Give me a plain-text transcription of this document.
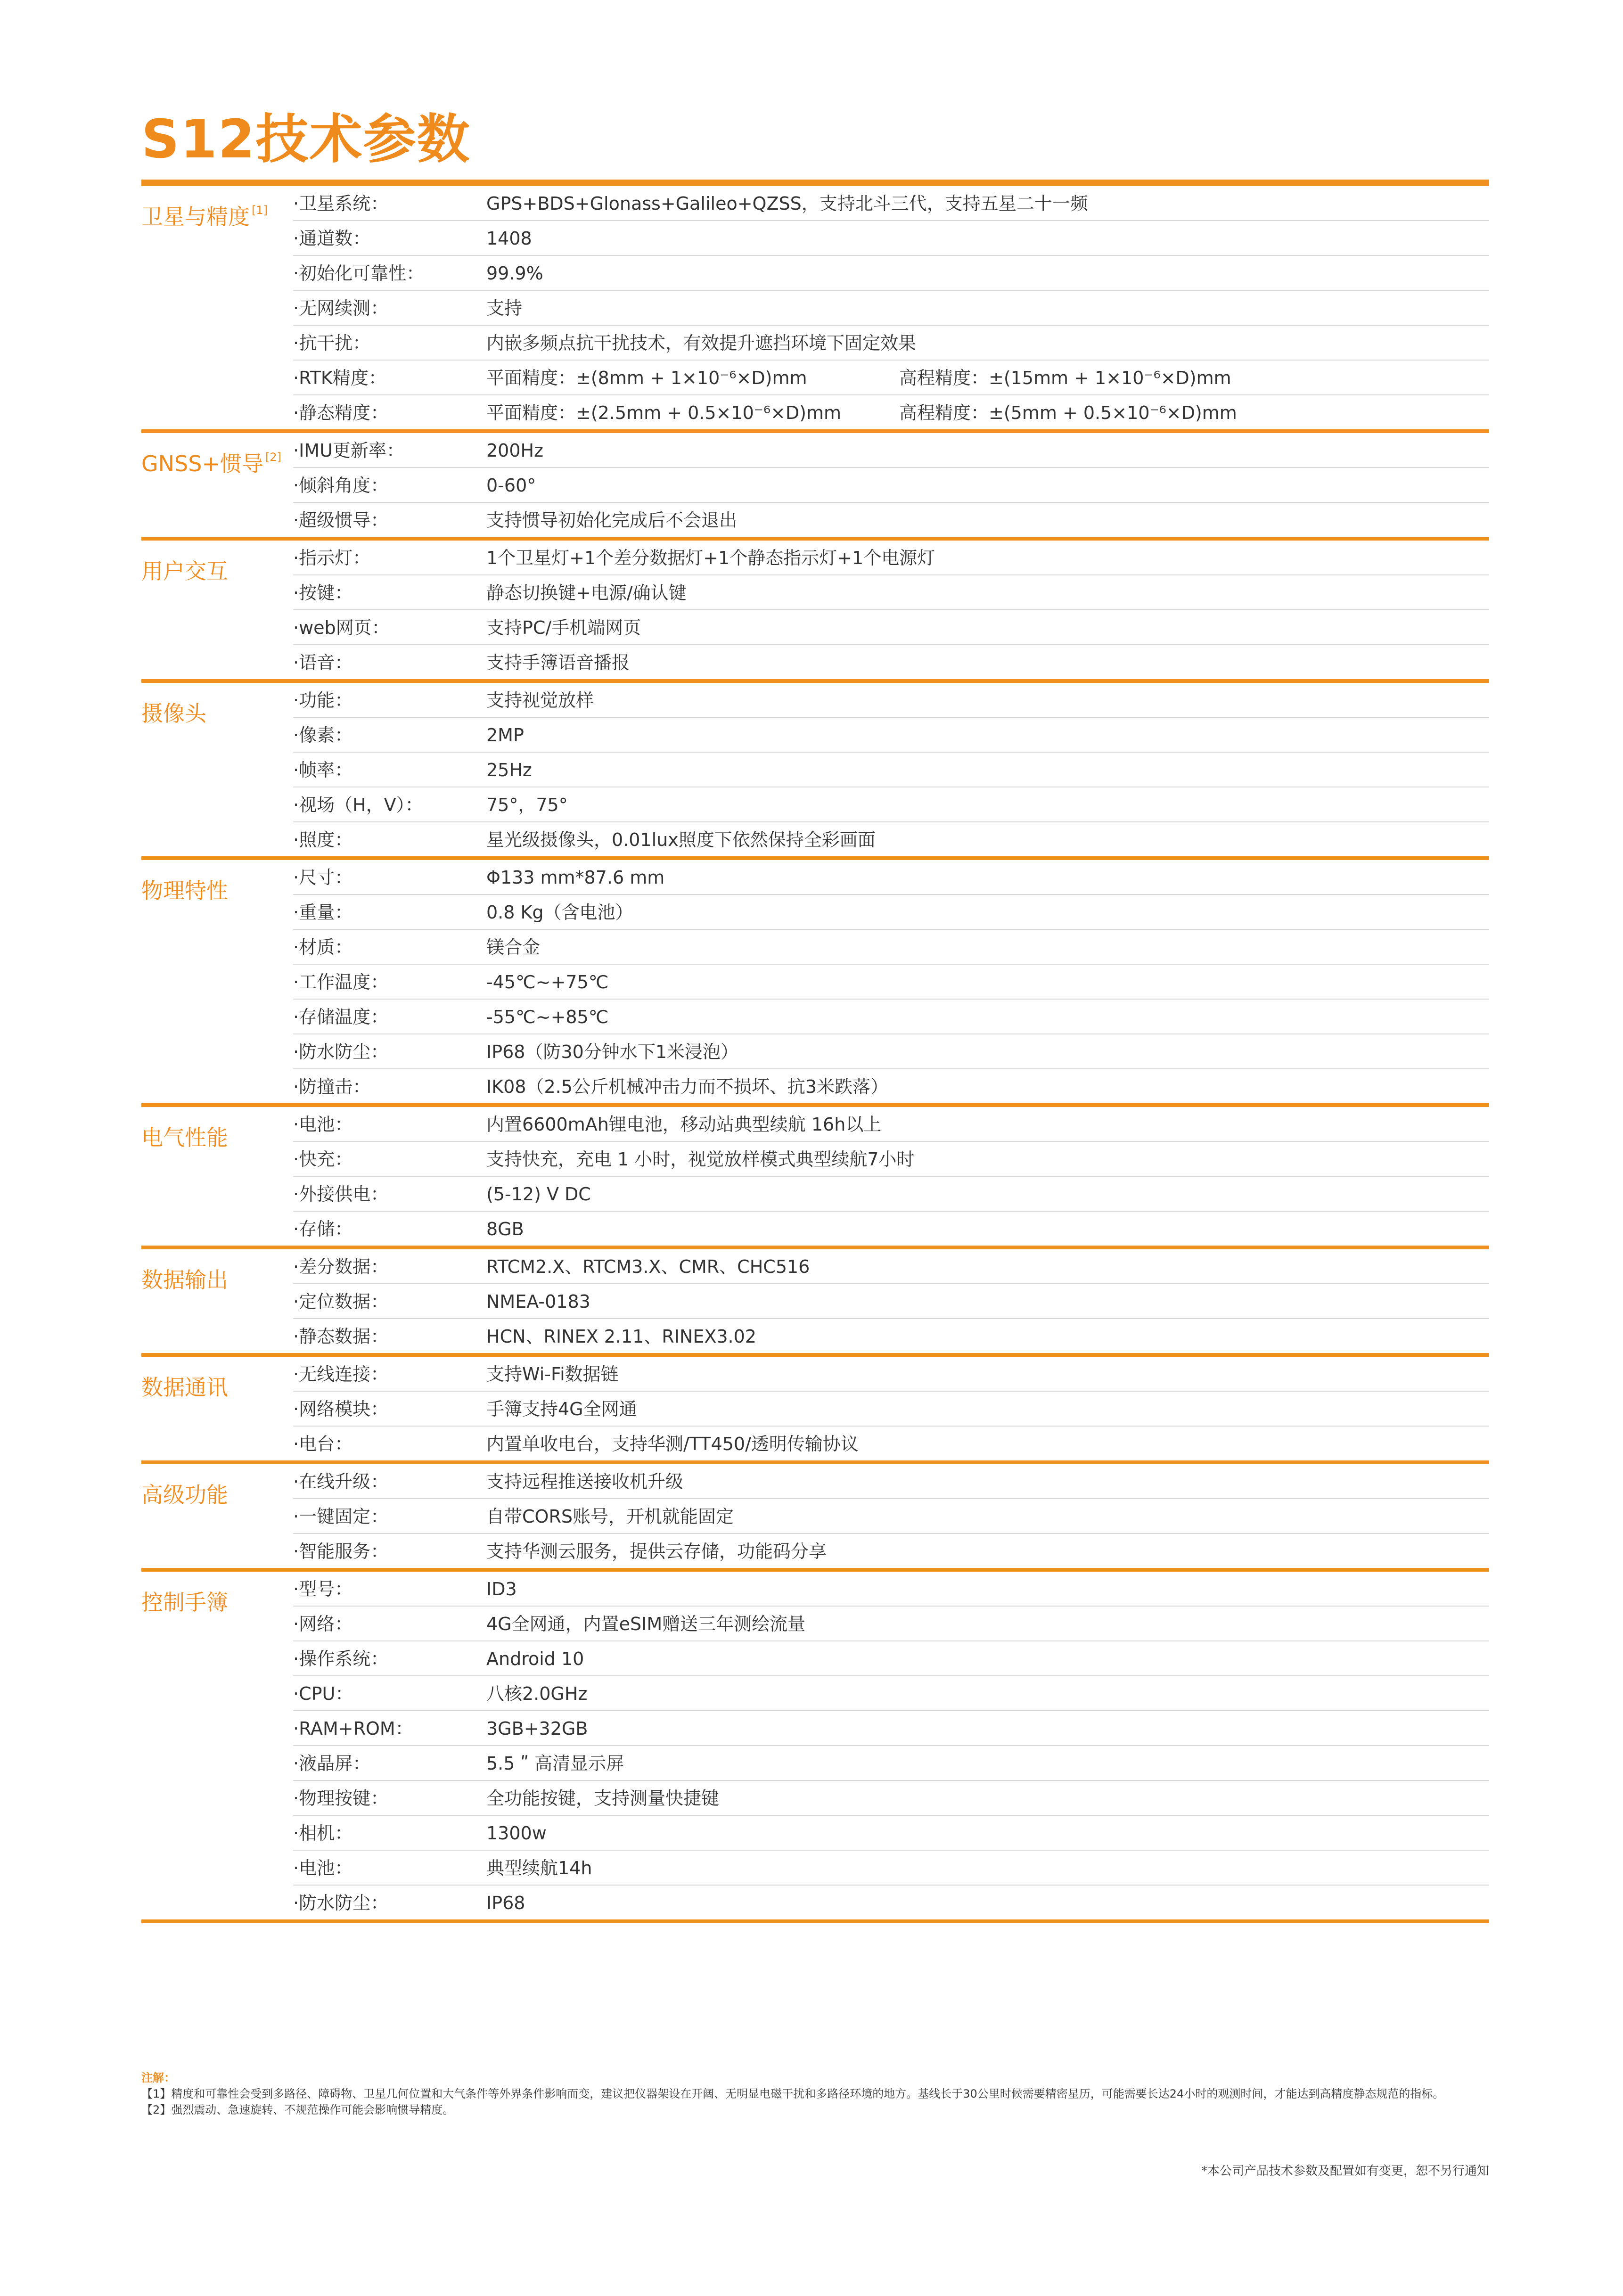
S12技术参数
卫星与精度 [1] ·卫星系统：	GPS+BDS+Glonass+Galileo+QZSS，支持北斗三代，支持五星二十一频
·通道数：	1408
·初始化可靠性：	99.9%
·无网续测：	支持
·抗干扰：	内嵌多频点抗干扰技术，有效提升遮挡环境下固定效果
·RTK精度：	平面精度：±(8mm + 1×10⁻⁶×D)mm	高程精度：±(15mm + 1×10⁻⁶×D)mm
·静态精度：	平面精度：±(2.5mm + 0.5×10⁻⁶×D)mm	高程精度：±(5mm + 0.5×10⁻⁶×D)mm
GNSS+惯导 [2] ·IMU更新率：	200Hz
·倾斜角度：	0-60°
·超级惯导：	支持惯导初始化完成后不会退出
用户交互
·指示灯：	1个卫星灯+1个差分数据灯+1个静态指示灯+1个电源灯
·按键：	静态切换键+电源/确认键
·web网页：	支持PC/手机端网页
·语音：	支持手簿语音播报
摄像头
·功能：	支持视觉放样
·像素：	2MP
·帧率：	25Hz
·视场（H，V）：	75°，75°
·照度：	星光级摄像头，0.01lux照度下依然保持全彩画面
物理特性
·尺寸：	Φ133 mm*87.6 mm
·重量：	0.8 Kg（含电池）
·材质：	镁合金
·工作温度：	-45℃~+75℃
·存储温度：	-55℃~+85℃
·防水防尘：	IP68（防30分钟水下1米浸泡）
·防撞击：	IK08（2.5公斤机械冲击力而不损坏、抗3米跌落）
电气性能
·电池：	内置6600mAh锂电池，移动站典型续航 16h以上
·快充：	支持快充，充电 1 小时，视觉放样模式典型续航7小时
·外接供电：	(5-12) V DC
·存储：	8GB
数据输出
·差分数据：	RTCM2.X、RTCM3.X、CMR、CHC516
·定位数据：	NMEA-0183
·静态数据：	HCN、RINEX 2.11、RINEX3.02
数据通讯
·无线连接：	支持Wi-Fi数据链
·网络模块：	手簿支持4G全网通
·电台：	内置单收电台，支持华测/TT450/透明传输协议
高级功能
·在线升级：	支持远程推送接收机升级
·一键固定：	自带CORS账号，开机就能固定
·智能服务：	支持华测云服务，提供云存储，功能码分享
控制手簿
·型号：	ID3
·网络：	4G全网通，内置eSIM赠送三年测绘流量
·操作系统：	Android 10
·CPU：	八核2.0GHz
·RAM+ROM：	3GB+32GB
·液晶屏：	5.5 ʺ 高清显示屏
·物理按键：	全功能按键，支持测量快捷键
·相机：	1300w
·电池：	典型续航14h
·防水防尘：	IP68
注解：
【1】精度和可靠性会受到多路径、障碍物、卫星几何位置和大气条件等外界条件影响而变，建议把仪器架设在开阔、无明显电磁干扰和多路径环境的地方。基线长于30公里时候需要精密星历，可能需要长达24小时的观测时间，才能达到高精度静态规范的指标。
【2】强烈震动、急速旋转、不规范操作可能会影响惯导精度。
*本公司产品技术参数及配置如有变更，恕不另行通知
